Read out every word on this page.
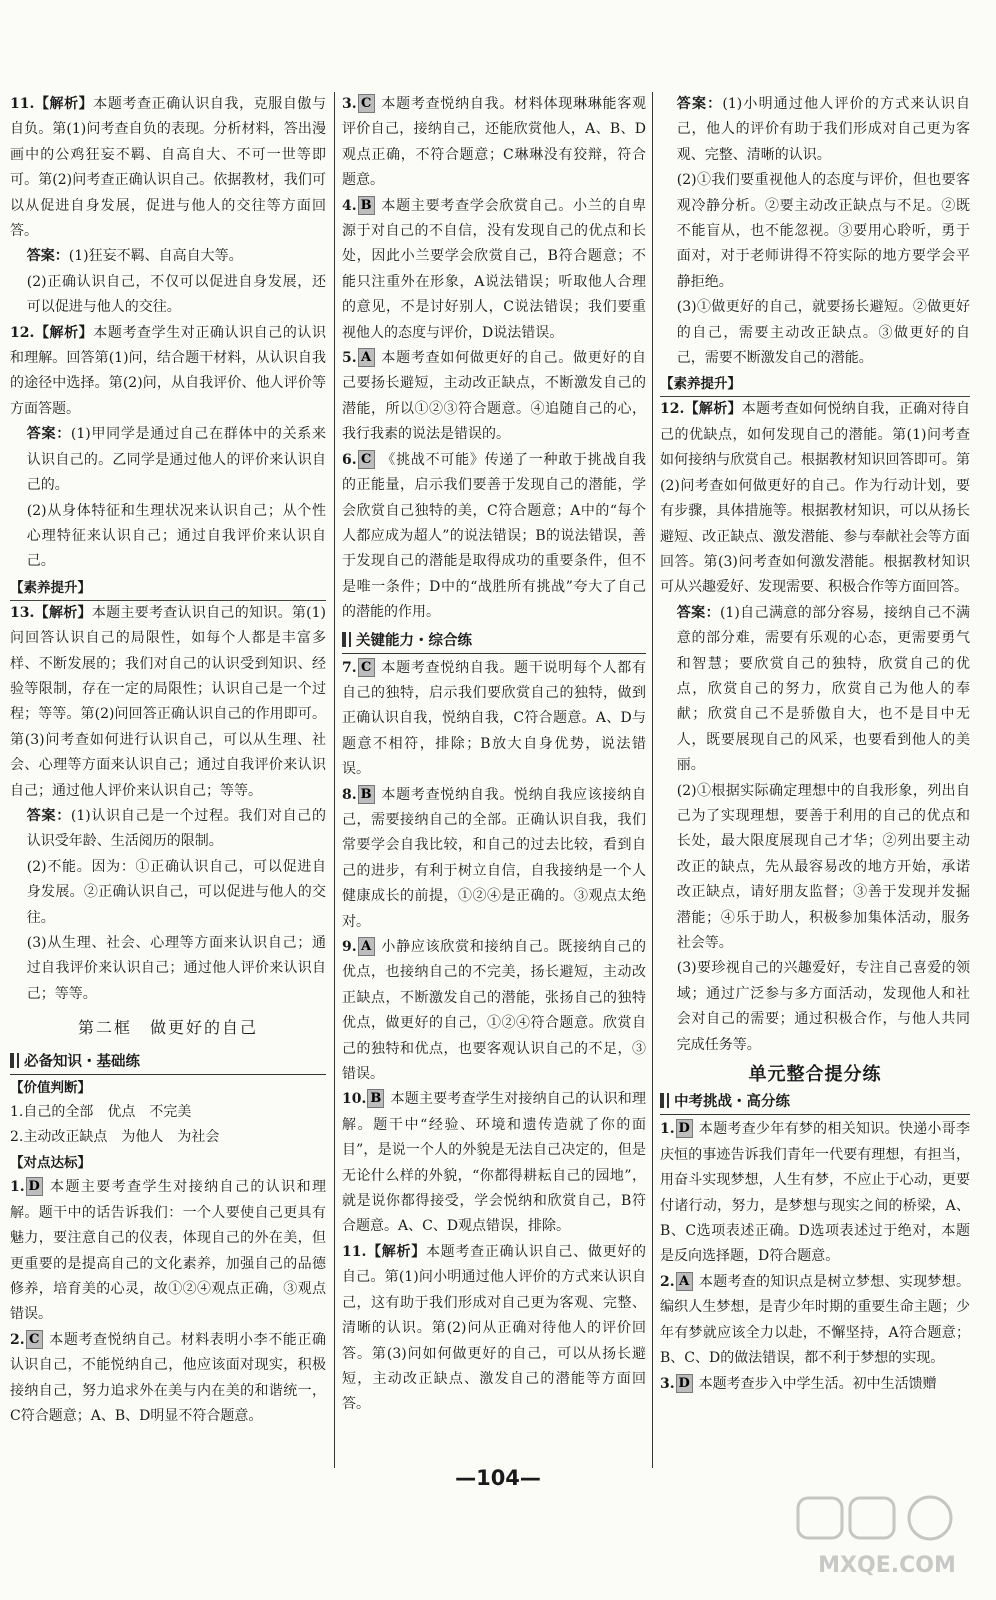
11.【解析】本题考查正确认识自我，克服自傲与自负。第(1)问考查自负的表现。分析材料，答出漫画中的公鸡狂妄不羁、自高自大、不可一世等即可。第(2)问考查正确认识自己。依据教材，我们可以从促进自身发展，促进与他人的交往等方面回答。

答案：(1)狂妄不羁、自高自大等。

(2)正确认识自己，不仅可以促进自身发展，还可以促进与他人的交往。

12.【解析】本题考查学生对正确认识自己的认识和理解。回答第(1)问，结合题干材料，从认识自我的途径中选择。第(2)问，从自我评价、他人评价等方面答题。

答案：(1)甲同学是通过自己在群体中的关系来认识自己的。乙同学是通过他人的评价来认识自己的。

(2)从身体特征和生理状况来认识自己；从个性心理特征来认识自己；通过自我评价来认识自己。

【素养提升】

13.【解析】本题主要考查认识自己的知识。第(1)问回答认识自己的局限性，如每个人都是丰富多样、不断发展的；我们对自己的认识受到知识、经验等限制，存在一定的局限性；认识自己是一个过程；等等。第(2)问回答正确认识自己的作用即可。第(3)问考查如何进行认识自己，可以从生理、社会、心理等方面来认识自己；通过自我评价来认识自己；通过他人评价来认识自己；等等。

答案：(1)认识自己是一个过程。我们对自己的认识受年龄、生活阅历的限制。

(2)不能。因为：①正确认识自己，可以促进自身发展。②正确认识自己，可以促进与他人的交往。

(3)从生理、社会、心理等方面来认识自己；通过自我评价来认识自己；通过他人评价来认识自己；等等。

第二框　做更好的自己
必备知识・基础练
【价值判断】

1.自己的全部　优点　不完美

2.主动改正缺点　为他人　为社会

【对点达标】

1. D 本题主要考查学生对接纳自己的认识和理解。题干中的话告诉我们：一个人要使自己更具有魅力，要注意自己的仪表，体现自己的外在美，但更重要的是提高自己的文化素养，加强自己的品德修养，培育美的心灵，故①②④观点正确，③观点错误。

2. C 本题考查悦纳自己。材料表明小李不能正确认识自己，不能悦纳自己，他应该面对现实，积极接纳自己，努力追求外在美与内在美的和谐统一，C符合题意；A、B、D明显不符合题意。

3. C 本题考查悦纳自我。材料体现琳琳能客观评价自己，接纳自己，还能欣赏他人，A、B、D观点正确，不符合题意；C琳琳没有狡辩，符合题意。

4. B 本题主要考查学会欣赏自己。小兰的自卑源于对自己的不自信，没有发现自己的优点和长处，因此小兰要学会欣赏自己，B符合题意；不能只注重外在形象，A说法错误；听取他人合理的意见，不是讨好别人，C说法错误；我们要重视他人的态度与评价，D说法错误。

5. A 本题考查如何做更好的自己。做更好的自己要扬长避短，主动改正缺点，不断激发自己的潜能，所以①②③符合题意。④追随自己的心，我行我素的说法是错误的。

6. C 《挑战不可能》传递了一种敢于挑战自我的正能量，启示我们要善于发现自己的潜能，学会欣赏自己独特的美，C符合题意；A中的“每个人都应成为超人”的说法错误；B的说法错误，善于发现自己的潜能是取得成功的重要条件，但不是唯一条件；D中的“战胜所有挑战”夸大了自己的潜能的作用。

关键能力・综合练

7. C 本题考查悦纳自我。题干说明每个人都有自己的独特，启示我们要欣赏自己的独特，做到正确认识自我，悦纳自我，C符合题意。A、D与题意不相符，排除；B放大自身优势，说法错误。

8. B 本题考查悦纳自我。悦纳自我应该接纳自己，需要接纳自己的全部。正确认识自我，我们常要学会自我比较，和自己的过去比较，看到自己的进步，有利于树立自信，自我接纳是一个人健康成长的前提，①②④是正确的。③观点太绝对。

9. A 小静应该欣赏和接纳自己。既接纳自己的优点，也接纳自己的不完美，扬长避短，主动改正缺点，不断激发自己的潜能，张扬自己的独特优点，做更好的自己，①②④符合题意。欣赏自己的独特和优点，也要客观认识自己的不足，③错误。

10. B 本题主要考查学生对接纳自己的认识和理解。题干中“经验、环境和遗传造就了你的面目”，是说一个人的外貌是无法自己决定的，但是无论什么样的外貌，“你都得耕耘自己的园地”，就是说你都得接受，学会悦纳和欣赏自己，B符合题意。A、C、D观点错误，排除。

11.【解析】本题考查正确认识自己、做更好的自己。第(1)问小明通过他人评价的方式来认识自己，这有助于我们形成对自己更为客观、完整、清晰的认识。第(2)问从正确对待他人的评价回答。第(3)问如何做更好的自己，可以从扬长避短，主动改正缺点、激发自己的潜能等方面回答。

答案：(1)小明通过他人评价的方式来认识自己，他人的评价有助于我们形成对自己更为客观、完整、清晰的认识。

(2)①我们要重视他人的态度与评价，但也要客观冷静分析。②要主动改正缺点与不足。②既不能盲从，也不能忽视。③要用心聆听，勇于面对，对于老师讲得不符实际的地方要学会平静拒绝。

(3)①做更好的自己，就要扬长避短。②做更好的自己，需要主动改正缺点。③做更好的自己，需要不断激发自己的潜能。

【素养提升】

12.【解析】本题考查如何悦纳自我，正确对待自己的优缺点，如何发现自己的潜能。第(1)问考查如何接纳与欣赏自己。根据教材知识回答即可。第(2)问考查如何做更好的自己。作为行动计划，要有步骤，具体措施等。根据教材知识，可以从扬长避短、改正缺点、激发潜能、参与奉献社会等方面回答。第(3)问考查如何激发潜能。根据教材知识可从兴趣爱好、发现需要、积极合作等方面回答。

答案：(1)自己满意的部分容易，接纳自己不满意的部分难，需要有乐观的心态，更需要勇气和智慧；要欣赏自己的独特，欣赏自己的优点，欣赏自己的努力，欣赏自己为他人的奉献；欣赏自己不是骄傲自大，也不是目中无人，既要展现自己的风采，也要看到他人的美丽。

(2)①根据实际确定理想中的自我形象，列出自己为了实现理想，要善于利用的自己的优点和长处，最大限度展现自己才华；②列出要主动改正的缺点，先从最容易改的地方开始，承诺改正缺点，请好朋友监督；③善于发现并发掘潜能；④乐于助人，积极参加集体活动，服务社会等。

(3)要珍视自己的兴趣爱好，专注自己喜爱的领域；通过广泛参与多方面活动，发现他人和社会对自己的需要；通过积极合作，与他人共同完成任务等。

单元整合提分练
中考挑战・高分练

1. D 本题考查少年有梦的相关知识。快递小哥李庆恒的事迹告诉我们青年一代要有理想，有担当，用奋斗实现梦想，人生有梦，不应止于心动，更要付诸行动，努力，是梦想与现实之间的桥梁，A、B、C选项表述正确。D选项表述过于绝对，本题是反向选择题，D符合题意。

2. A 本题考查的知识点是树立梦想、实现梦想。编织人生梦想，是青少年时期的重要生命主题；少年有梦就应该全力以赴，不懈坚持，A符合题意；B、C、D的做法错误，都不利于梦想的实现。

3. D 本题考查步入中学生活。初中生活馈赠

—104—
MXQE.COM
